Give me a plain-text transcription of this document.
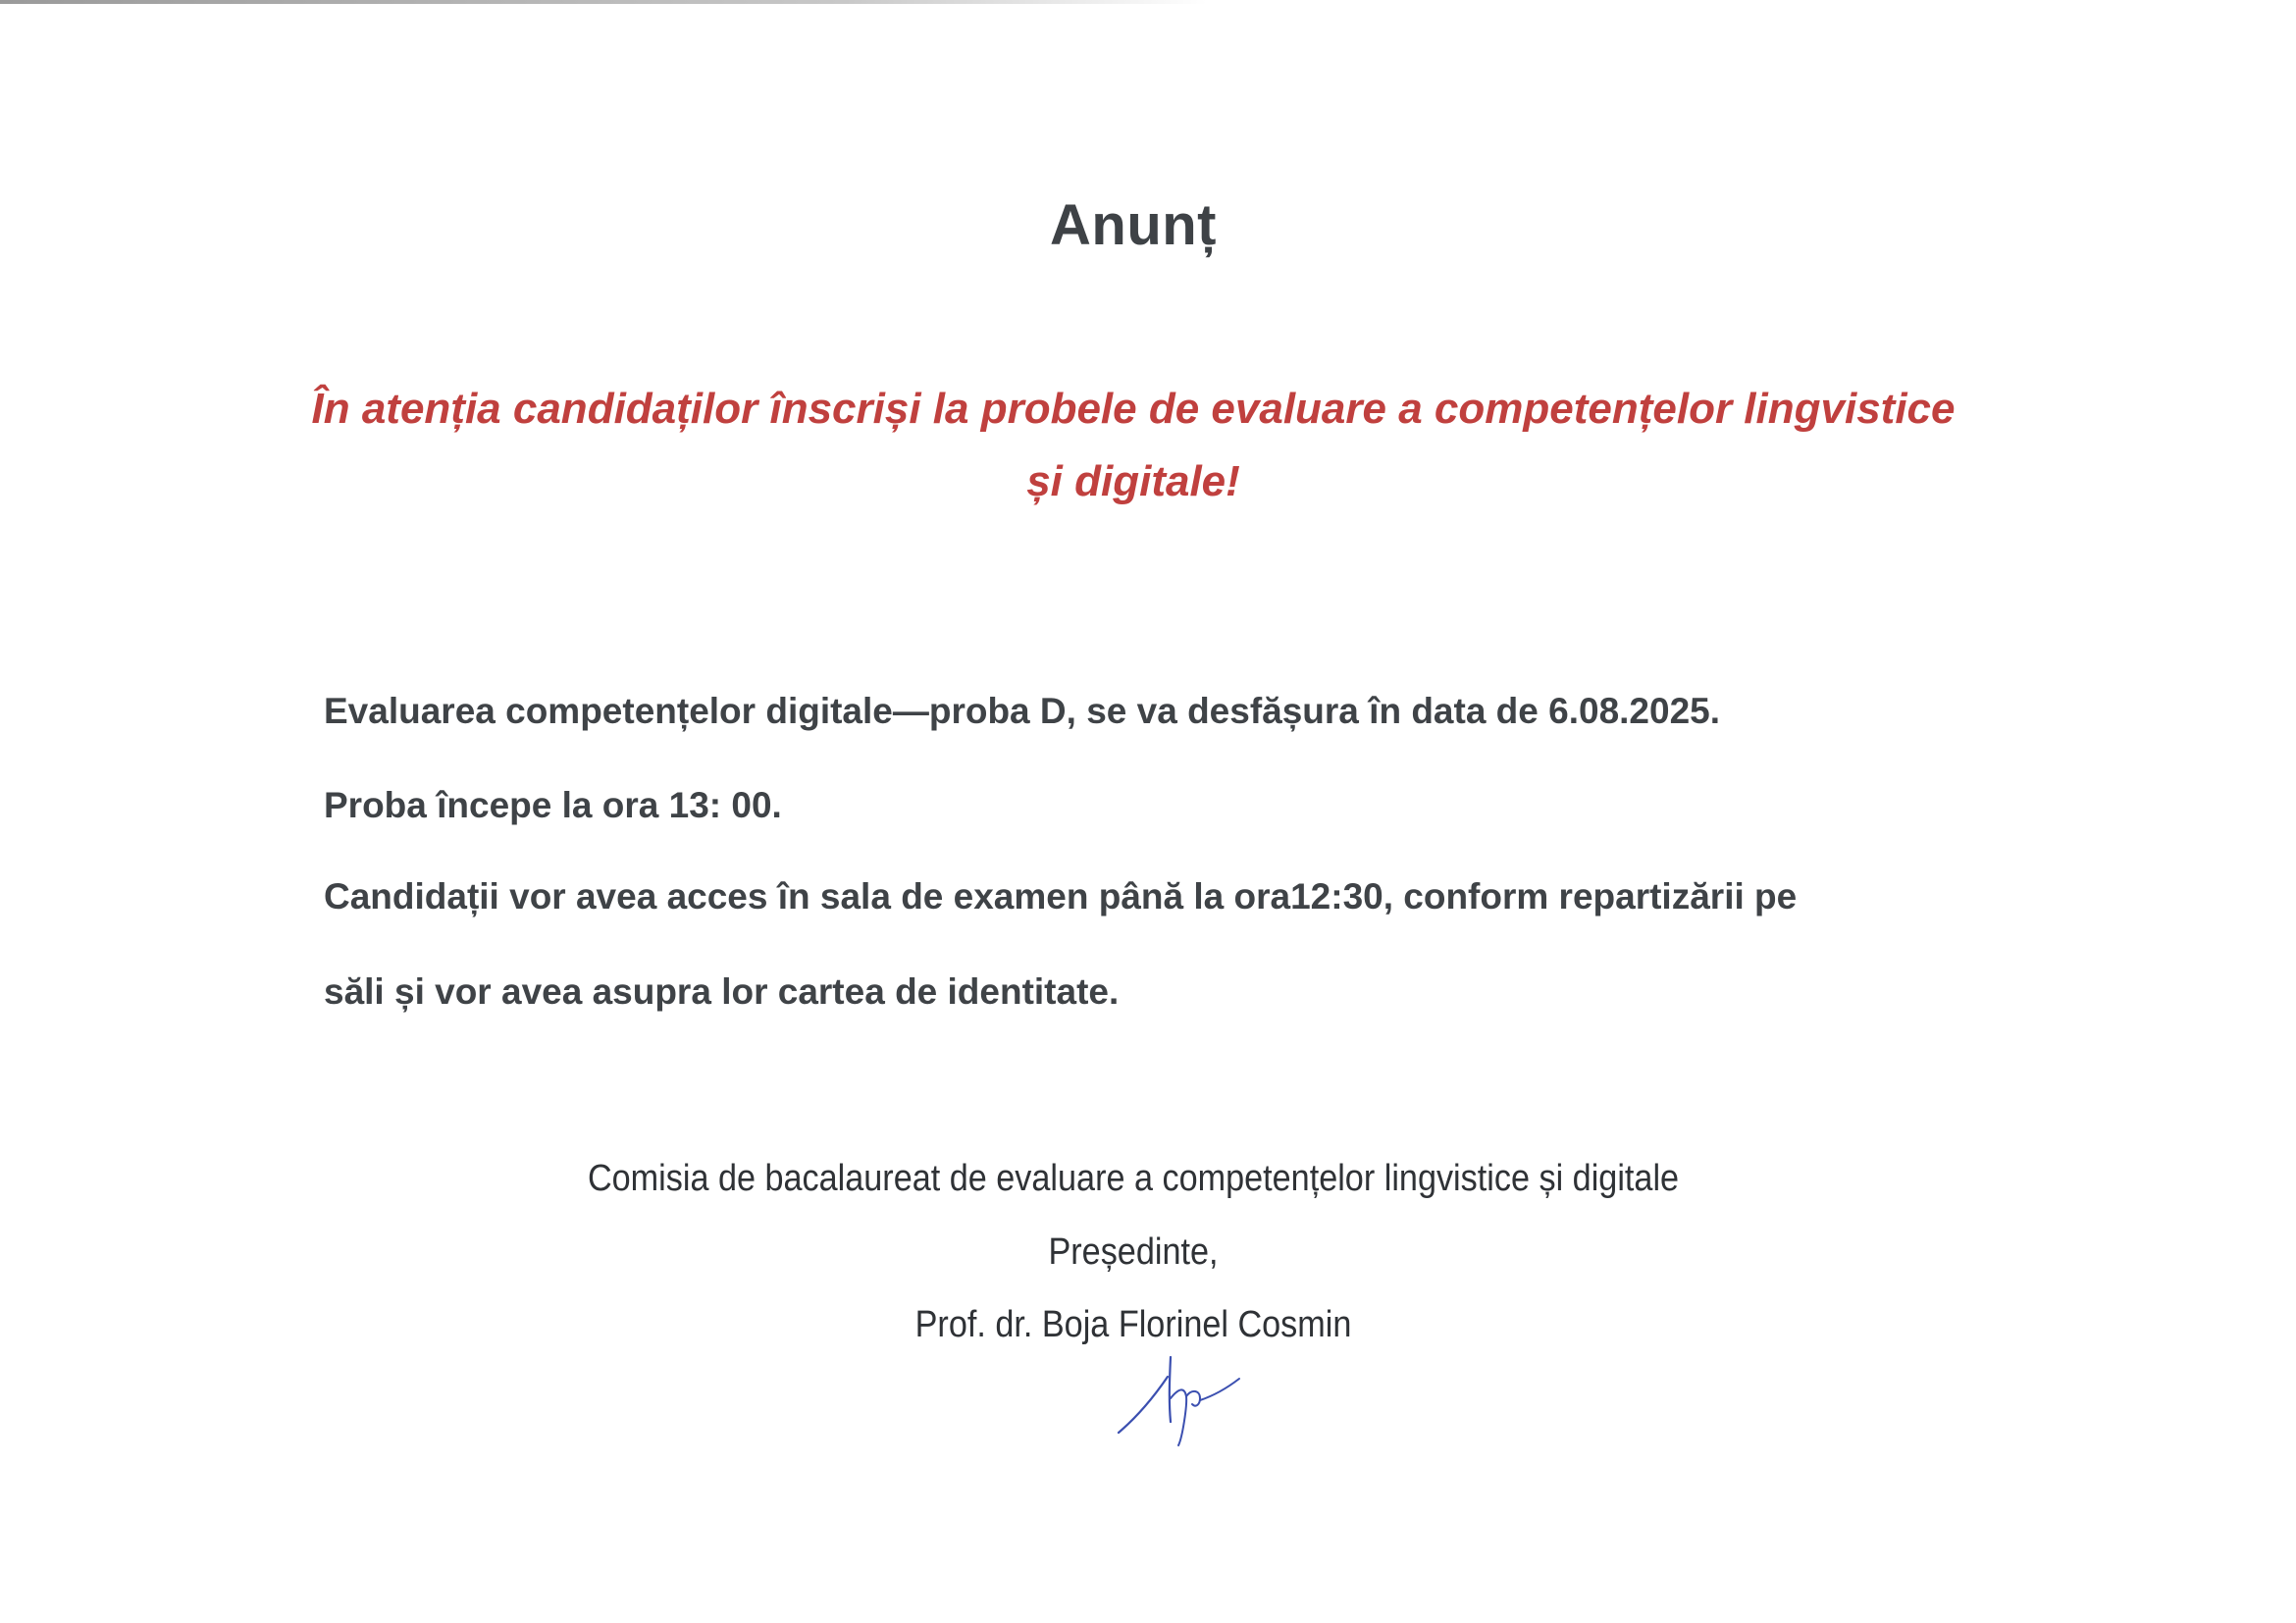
Anunț
În atenția candidaților înscriși la probele de evaluare a competențelor lingvistice și digitale!
Evaluarea competențelor digitale—proba D, se va desfășura în data de 6.08.2025.
Proba începe la ora 13: 00.
Candidații vor avea acces în sala de examen până la ora12:30, conform repartizării pe
săli și vor avea asupra lor cartea de identitate.
Comisia de bacalaureat de evaluare a competențelor lingvistice și digitale
Președinte,
Prof. dr. Boja Florinel Cosmin
